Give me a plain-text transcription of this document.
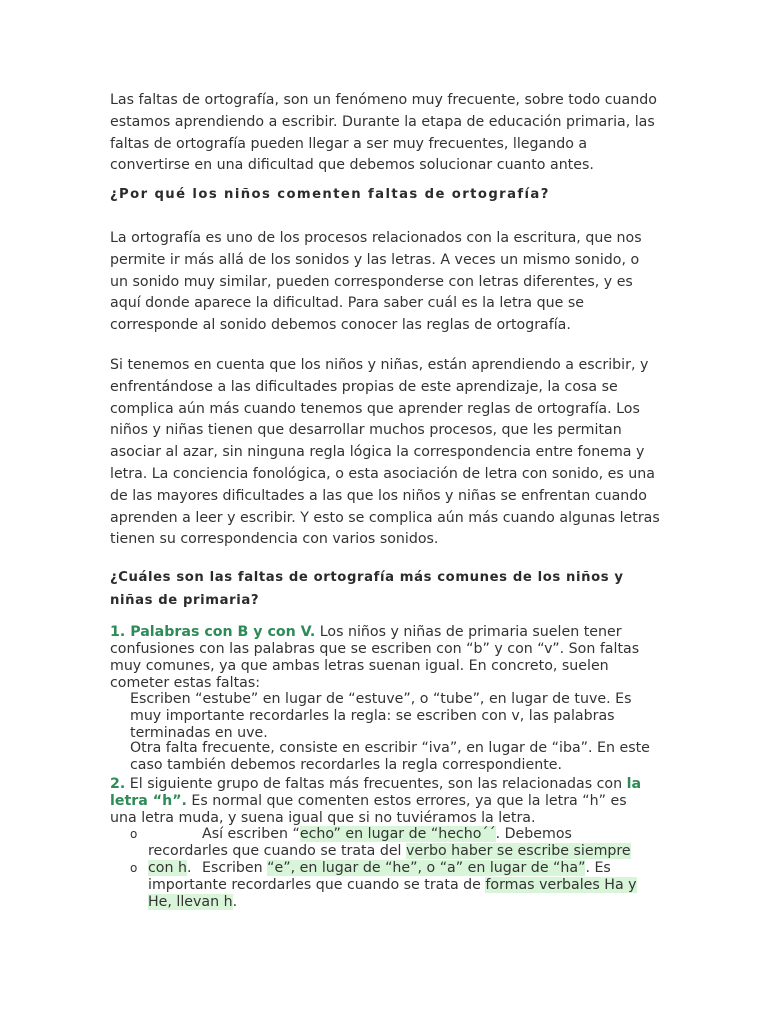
Las faltas de ortografía, son un fenómeno muy frecuente, sobre todo cuando estamos aprendiendo a escribir. Durante la etapa de educación primaria, las faltas de ortografía pueden llegar a ser muy frecuentes, llegando a convertirse en una dificultad que debemos solucionar cuanto antes.

¿Por qué los niños comenten faltas de ortografía?

La ortografía es uno de los procesos relacionados con la escritura, que nos permite ir más allá de los sonidos y las letras. A veces un mismo sonido, o un sonido muy similar, pueden corresponderse con letras diferentes, y es aquí donde aparece la dificultad. Para saber cuál es la letra que se corresponde al sonido debemos conocer las reglas de ortografía.

Si tenemos en cuenta que los niños y niñas, están aprendiendo a escribir, y enfrentándose a las dificultades propias de este aprendizaje, la cosa se complica aún más cuando tenemos que aprender reglas de ortografía. Los niños y niñas tienen que desarrollar muchos procesos, que les permitan asociar al azar, sin ninguna regla lógica la correspondencia entre fonema y letra. La conciencia fonológica, o esta asociación de letra con sonido, es una de las mayores dificultades a las que los niños y niñas se enfrentan cuando aprenden a leer y escribir. Y esto se complica aún más cuando algunas letras tienen su correspondencia con varios sonidos.

¿Cuáles son las faltas de ortografía más comunes de los niños y niñas de primaria?

1. Palabras con B y con V. Los niños y niñas de primaria suelen tener confusiones con las palabras que se escriben con “b” y con “v”. Son faltas muy comunes, ya que ambas letras suenan igual. En concreto, suelen cometer estas faltas:

Escriben “estube” en lugar de “estuve”, o “tube”, en lugar de tuve. Es muy importante recordarles la regla: se escriben con v, las palabras terminadas en uve.

Otra falta frecuente, consiste en escribir “iva”, en lugar de “iba”. En este caso también debemos recordarles la regla correspondiente.

2. El siguiente grupo de faltas más frecuentes, son las relacionadas con la letra “h”. Es normal que comenten estos errores, ya que la letra “h” es una letra muda, y suena igual que si no tuviéramos la letra.

o	Así escriben “echo” en lugar de “hecho´´. Debemos recordarles que cuando se trata del verbo haber se escribe siempre con h.
o	Escriben “e”, en lugar de “he”, o “a” en lugar de “ha”. Es importante recordarles que cuando se trata de formas verbales Ha y He, llevan h.
